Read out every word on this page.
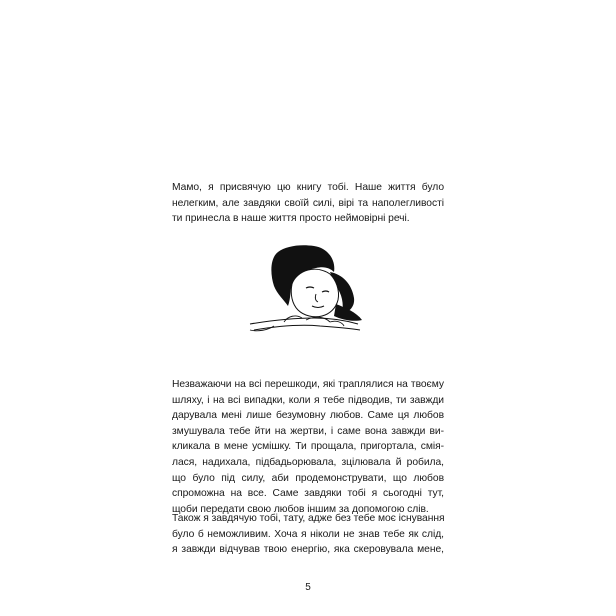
Мамо, я присвячую цю книгу тобі. Наше життя було
нелегким, але завдяки своїй силі, вірі та наполегливості
ти принесла в наше життя просто неймовірні речі.
Незважаючи на всі перешкоди, які траплялися на твоєму
шляху, і на всі випадки, коли я тебе підводив, ти завжди
дарувала мені лише безумовну любов. Саме ця любов
змушувала тебе йти на жертви, і саме вона завжди ви-
кликала в мене усмішку. Ти прощала, пригортала, смія-
лася, надихала, підбадьорювала, зцілювала й робила,
що було під силу, аби продемонструвати, що любов
спроможна на все. Саме завдяки тобі я сьогодні тут,
щоби передати свою любов іншим за допомогою слів.
Також я завдячую тобі, тату, адже без тебе моє існування
було б неможливим. Хоча я ніколи не знав тебе як слід,
я завжди відчував твою енергію, яка скеровувала мене,
5
